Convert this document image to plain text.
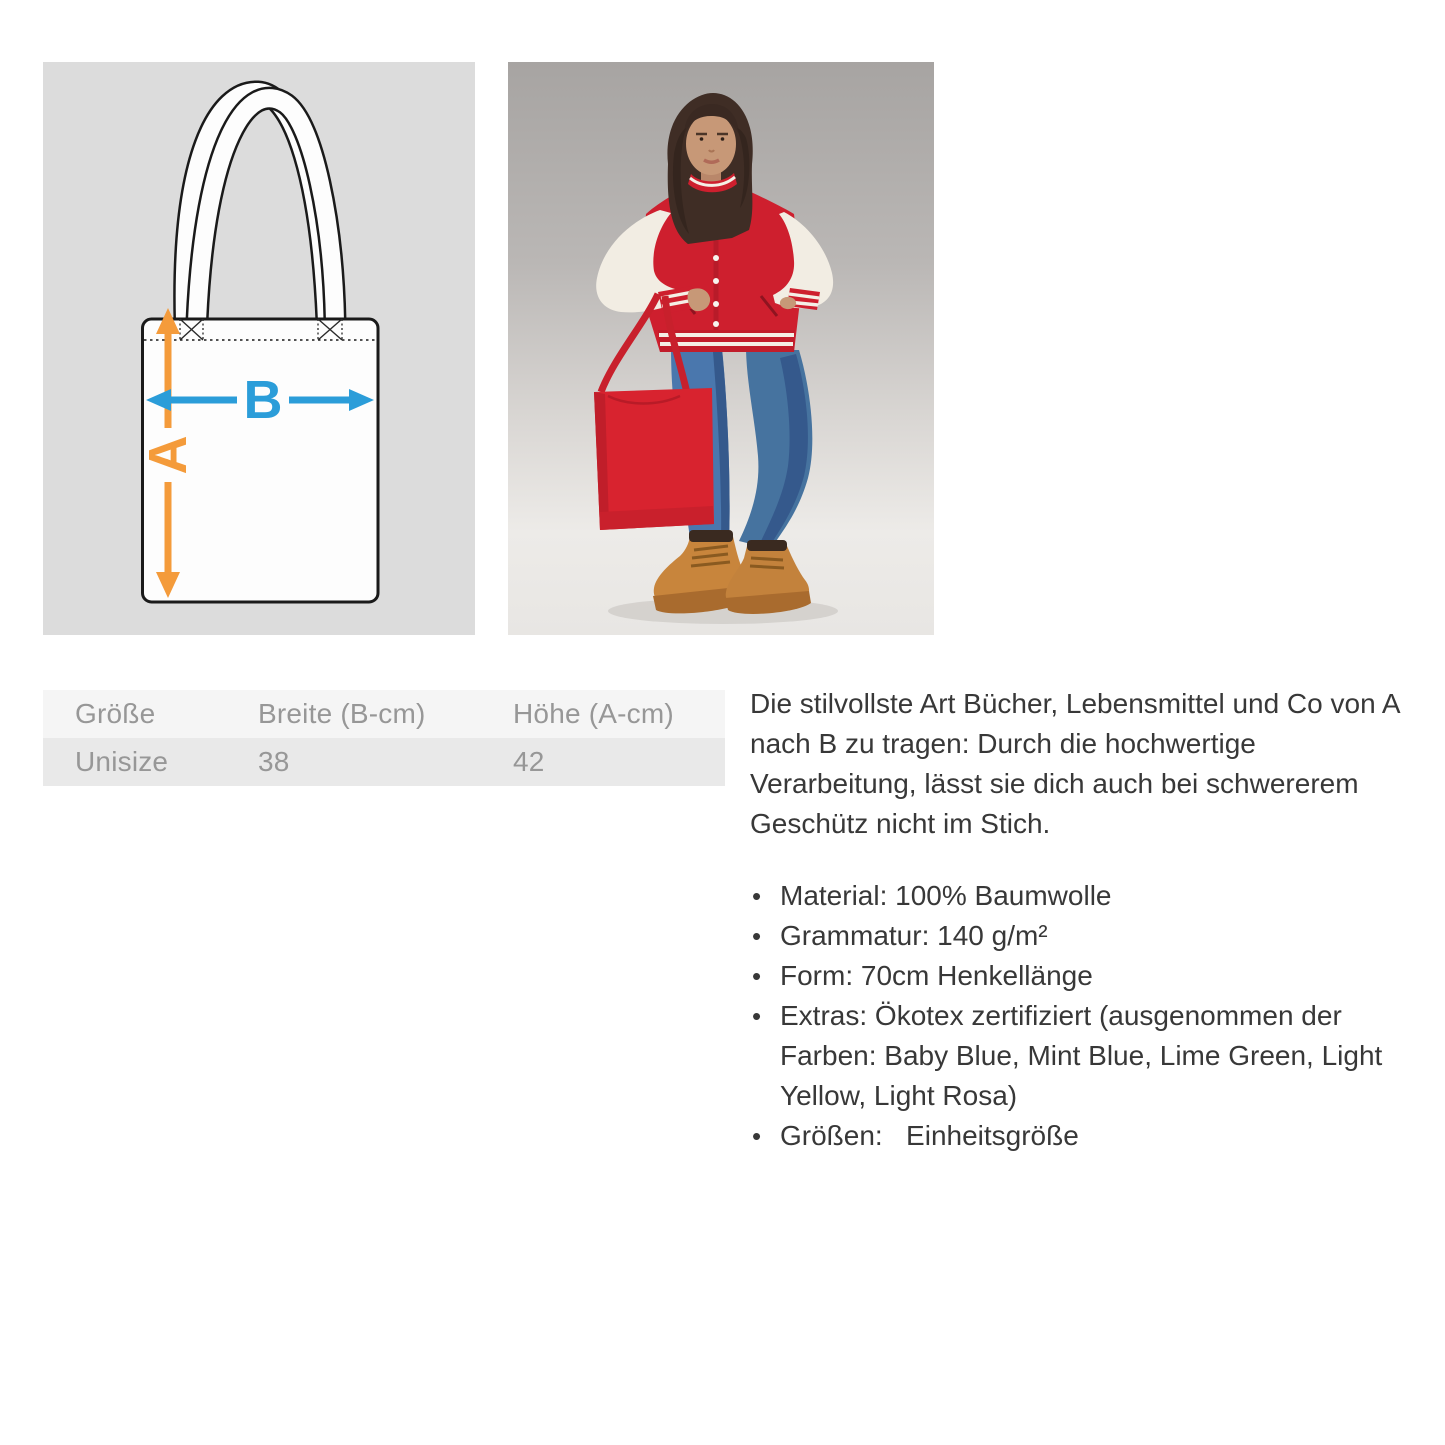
A
B
Größe	Breite (B-cm)	Höhe (A-cm)
Unisize	38	42

Die stilvollste Art Bücher, Lebensmittel und Co von A nach B zu tragen: Durch die hochwertige Verarbeitung, lässt sie dich auch bei schwererem Geschütz nicht im Stich.

• Material: 100% Baumwolle
• Grammatur: 140 g/m²
• Form: 70cm Henkellänge
• Extras: Ökotex zertifiziert (ausgenommen der Farben: Baby Blue, Mint Blue, Lime Green, Light Yellow, Light Rosa)
• Größen:   Einheitsgröße
